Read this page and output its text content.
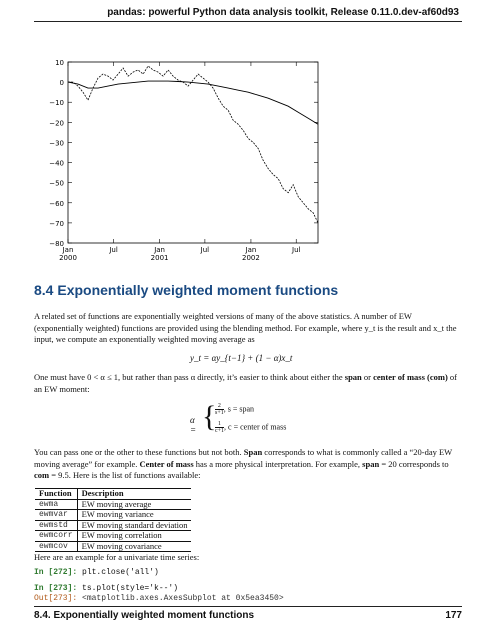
pandas: powerful Python data analysis toolkit, Release 0.11.0.dev-af60d93
10
0
−10
−20
−30
−40
−50
−60
−70
−80
Jan
2000
Jul	Jan
2001
Jul	Jan
2002
Jul
8.4 Exponentially weighted moment functions

A related set of functions are exponentially weighted versions of many of the above statistics. A number of EW (exponentially weighted) functions are provided using the blending method. For example, where y_t is the result and x_t the input, we compute an exponentially weighted moving average as

y_t = αy_{t−1} + (1 − α)x_t

One must have 0 < α ≤ 1, but rather than pass α directly, it’s easier to think about either the span or center of mass (com) of an EW moment:

α = {
$\frac{2}{s+1}$ , s = span
$\frac{1}{c+1}$ , c = center of mass

You can pass one or the other to these functions but not both. Span corresponds to what is commonly called a “20-day EW moving average” for example. Center of mass has a more physical interpretation. For example, span = 20 corresponds to com = 9.5. Here is the list of functions available:

Function	Description
ewma	EW moving average
ewmvar	EW moving variance
ewmstd	EW moving standard deviation
ewmcorr	EW moving correlation
ewmcov	EW moving covariance

Here are an example for a univariate time series:

In [272]: plt.close('all')
In [273]: ts.plot(style='k--')
Out[273]: <matplotlib.axes.AxesSubplot at 0x5ea3450>
8.4. Exponentially weighted moment functions	177
